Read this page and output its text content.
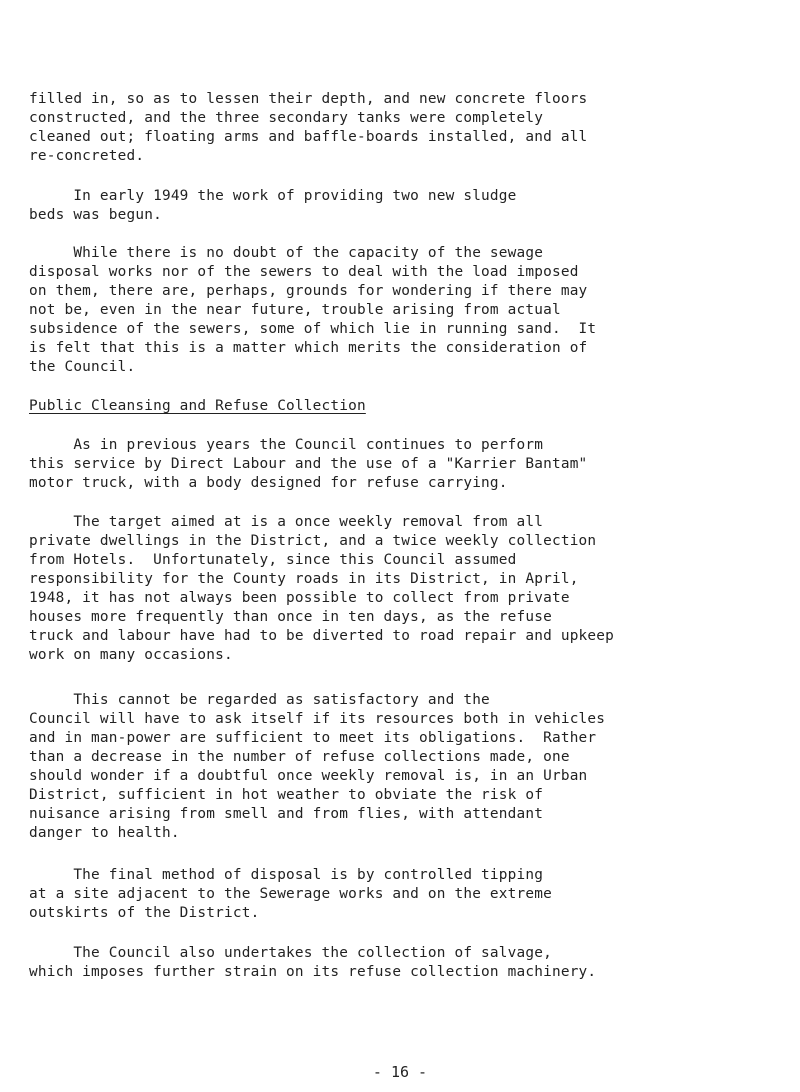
filled in, so as to lessen their depth, and new concrete floors
constructed, and the three secondary tanks were completely
cleaned out; floating arms and baffle-boards installed, and all
re-concreted.
In early 1949 the work of providing two new sludge
beds was begun.
While there is no doubt of the capacity of the sewage
disposal works nor of the sewers to deal with the load imposed
on them, there are, perhaps, grounds for wondering if there may
not be, even in the near future, trouble arising from actual
subsidence of the sewers, some of which lie in running sand.  It
is felt that this is a matter which merits the consideration of
the Council.
Public Cleansing and Refuse Collection
As in previous years the Council continues to perform
this service by Direct Labour and the use of a "Karrier Bantam"
motor truck, with a body designed for refuse carrying.
The target aimed at is a once weekly removal from all
private dwellings in the District, and a twice weekly collection
from Hotels.  Unfortunately, since this Council assumed
responsibility for the County roads in its District, in April,
1948, it has not always been possible to collect from private
houses more frequently than once in ten days, as the refuse
truck and labour have had to be diverted to road repair and upkeep
work on many occasions.
This cannot be regarded as satisfactory and the
Council will have to ask itself if its resources both in vehicles
and in man-power are sufficient to meet its obligations.  Rather
than a decrease in the number of refuse collections made, one
should wonder if a doubtful once weekly removal is, in an Urban
District, sufficient in hot weather to obviate the risk of
nuisance arising from smell and from flies, with attendant
danger to health.
The final method of disposal is by controlled tipping
at a site adjacent to the Sewerage works and on the extreme
outskirts of the District.
The Council also undertakes the collection of salvage,
which imposes further strain on its refuse collection machinery.
- 16 -
